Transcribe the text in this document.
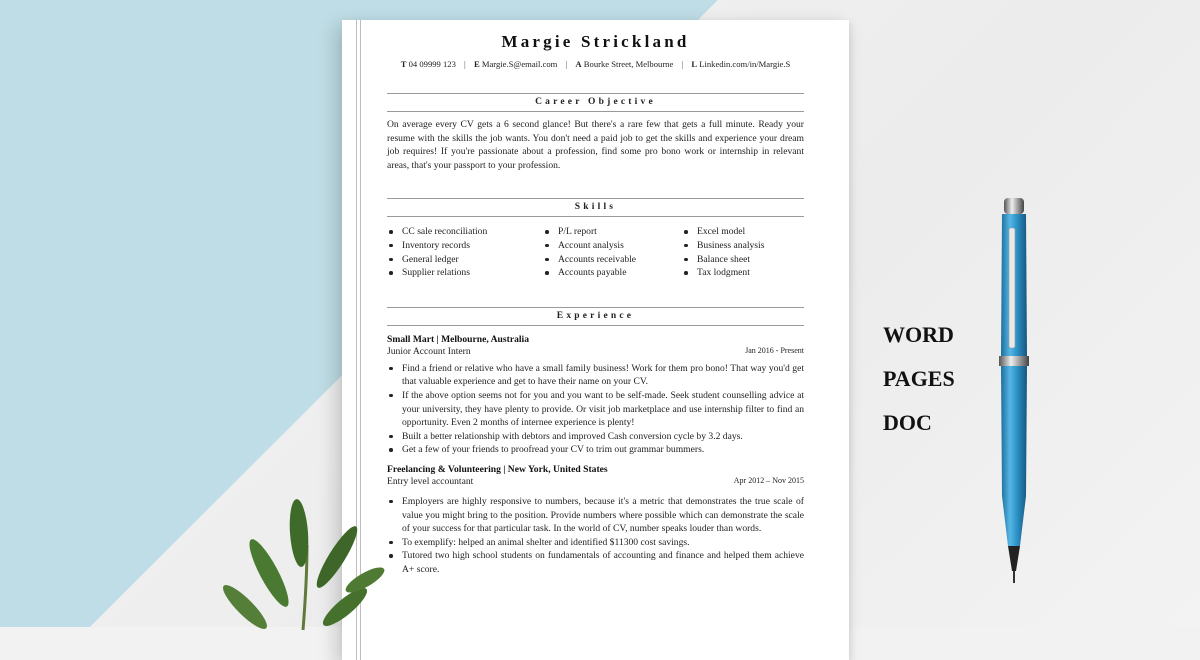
Margie Strickland
T 04 09999 123 | E Margie.S@email.com | A Bourke Street, Melbourne | L Linkedin.com/in/Margie.S
Career Objective
On average every CV gets a 6 second glance! But there's a rare few that gets a full minute. Ready your resume with the skills the job wants. You don't need a paid job to get the skills and experience your dream job requires! If you're passionate about a profession, find some pro bono work or internship in relevant areas, that's your passport to your profession.
Skills
CC sale reconciliation
Inventory records
General ledger
Supplier relations
P/L report
Account analysis
Accounts receivable
Accounts payable
Excel model
Business analysis
Balance sheet
Tax lodgment
Experience
Small Mart | Melbourne, Australia
Junior Account Intern	Jan 2016 - Present
Find a friend or relative who have a small family business! Work for them pro bono! That way you'd get that valuable experience and get to have their name on your CV.
If the above option seems not for you and you want to be self-made. Seek student counselling advice at your university, they have plenty to provide. Or visit job marketplace and use internship filter to find an opportunity. Even 2 months of internee experience is plenty!
Built a better relationship with debtors and improved Cash conversion cycle by 3.2 days.
Get a few of your friends to proofread your CV to trim out grammar bummers.
Freelancing & Volunteering | New York, United States
Entry level accountant	Apr 2012 – Nov 2015
Employers are highly responsive to numbers, because it's a metric that demonstrates the true scale of value you might bring to the position. Provide numbers where possible which can demonstrate the scale of your success for that particular task. In the world of CV, number speaks louder than words.
To exemplify: helped an animal shelter and identified $11300 cost savings.
Tutored two high school students on fundamentals of accounting and finance and helped them achieve A+ score.
WORD
PAGES
DOC
